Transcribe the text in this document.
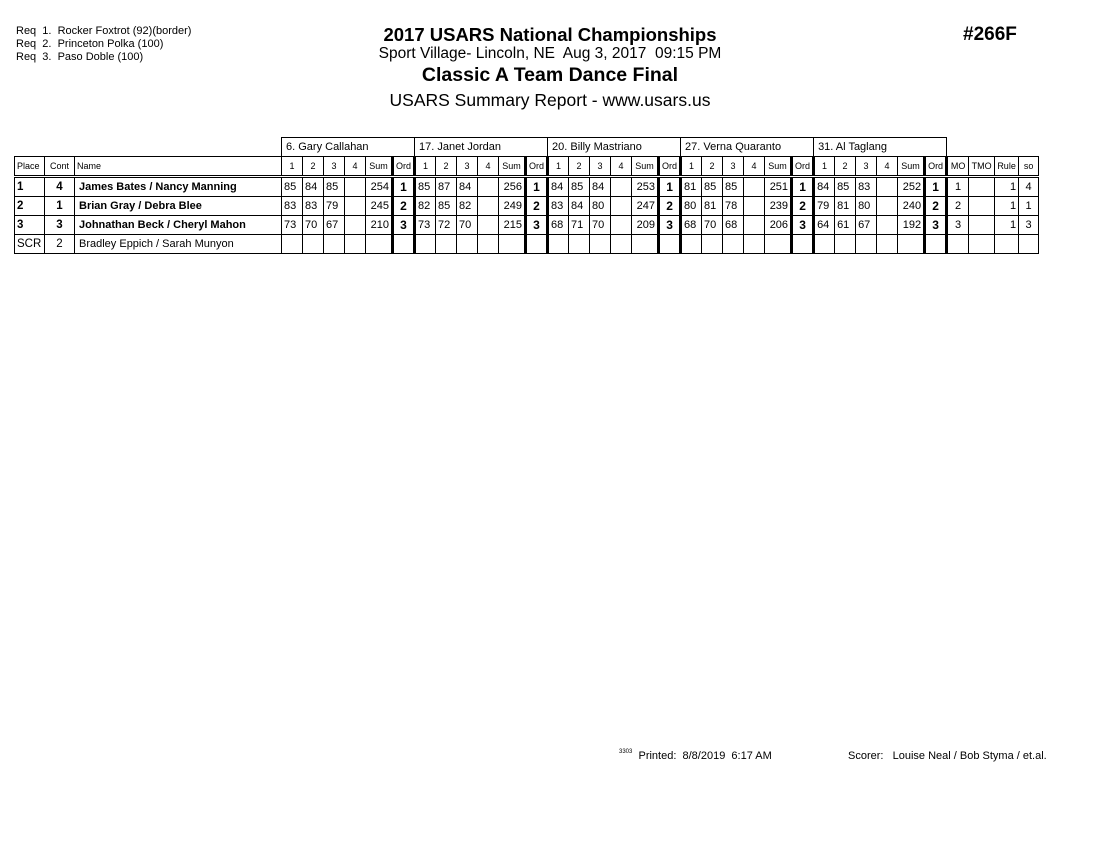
Req  1.  Rocker Foxtrot (92)(border)
Req  2.  Princeton Polka (100)
Req  3.  Paso Doble (100)
2017 USARS National Championships
Sport Village- Lincoln, NE  Aug 3, 2017  09:15 PM
Classic A Team Dance Final
USARS Summary Report - www.usars.us
#266F
			6. Gary Callahan						17. Janet Jordan						20. Billy Mastriano						27. Verna Quaranto						31. Al Taglang									
Place	Cont	Name	1	2	3	4	Sum	Ord	1	2	3	4	Sum	Ord	1	2	3	4	Sum	Ord	1	2	3	4	Sum	Ord	1	2	3	4	Sum	Ord	MO	TMO	Rule	so
1	4	James Bates / Nancy Manning	85	84	85		254	1	85	87	84		256	1	84	85	84		253	1	81	85	85		251	1	84	85	83		252	1	1		1	4
2	1	Brian Gray / Debra Blee	83	83	79		245	2	82	85	82		249	2	83	84	80		247	2	80	81	78		239	2	79	81	80		240	2	2		1	1
3	3	Johnathan Beck / Cheryl Mahon	73	70	67		210	3	73	72	70		215	3	68	71	70		209	3	68	70	68		206	3	64	61	67		192	3	3		1	3
SCR	2	Bradley Eppich / Sarah Munyon																																		
$^{3303}$ Printed:  8/8/2019  6:17 AM	Scorer:   Louise Neal / Bob Styma / et.al.
